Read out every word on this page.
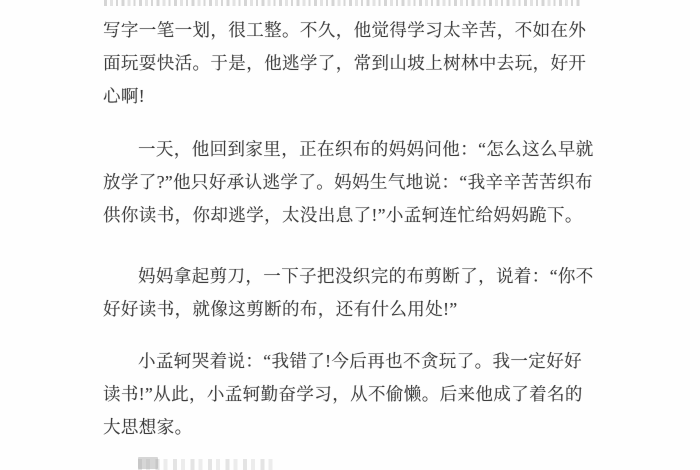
写字一笔一划，很工整。不久，他觉得学习太辛苦，不如在外
面玩耍快活。于是，他逃学了，常到山坡上树林中去玩，好开
心啊!
一天，他回到家里，正在织布的妈妈问他：“怎么这么早就
放学了?”他只好承认逃学了。妈妈生气地说：“我辛辛苦苦织布
供你读书，你却逃学，太没出息了!”小孟轲连忙给妈妈跪下。
妈妈拿起剪刀，一下子把没织完的布剪断了，说着：“你不
好好读书，就像这剪断的布，还有什么用处!”
小孟轲哭着说：“我错了!今后再也不贪玩了。我一定好好
读书!”从此，小孟轲勤奋学习，从不偷懒。后来他成了着名的
大思想家。
